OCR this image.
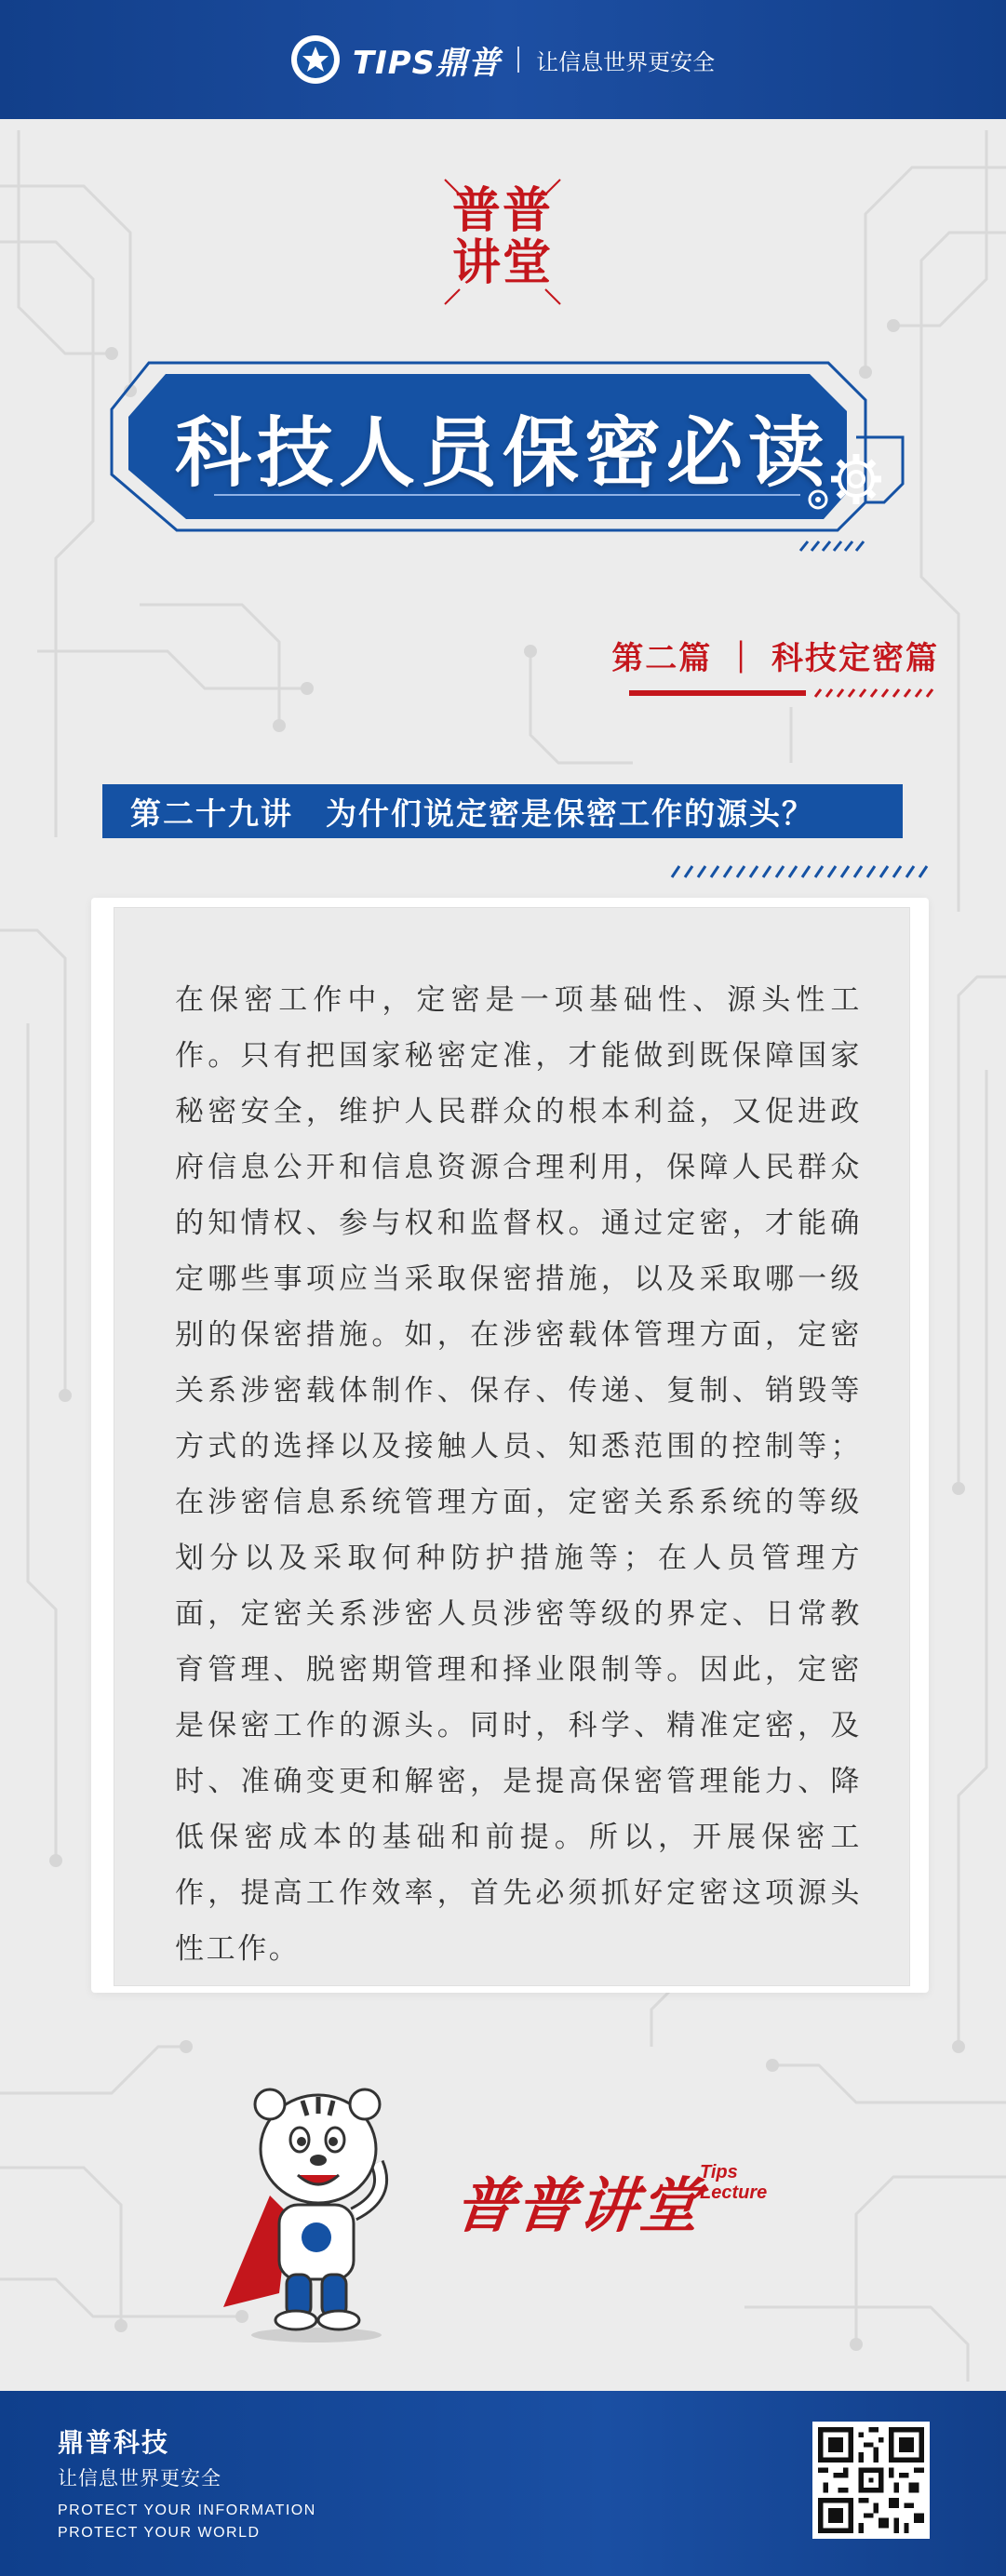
TIPS鼎普 让信息世界更安全
普普
讲堂
科技人员保密必读
第二篇 ｜ 科技定密篇
第二十九讲　为什们说定密是保密工作的源头？
在保密工作中，定密是一项基础性、源头性工作。只有把国家秘密定准，才能做到既保障国家秘密安全，维护人民群众的根本利益，又促进政府信息公开和信息资源合理利用，保障人民群众的知情权、参与权和监督权。通过定密，才能确定哪些事项应当采取保密措施，以及采取哪一级别的保密措施。如，在涉密载体管理方面，定密关系涉密载体制作、保存、传递、复制、销毁等方式的选择以及接触人员、知悉范围的控制等；在涉密信息系统管理方面，定密关系系统的等级划分以及采取何种防护措施等；在人员管理方面，定密关系涉密人员涉密等级的界定、日常教育管理、脱密期管理和择业限制等。因此，定密是保密工作的源头。同时，科学、精准定密，及时、准确变更和解密，是提高保密管理能力、降低保密成本的基础和前提。所以，开展保密工作，提高工作效率，首先必须抓好定密这项源头性工作。
普普讲堂
Tips
Lecture
鼎普科技
让信息世界更安全
PROTECT YOUR INFORMATION
PROTECT YOUR WORLD
